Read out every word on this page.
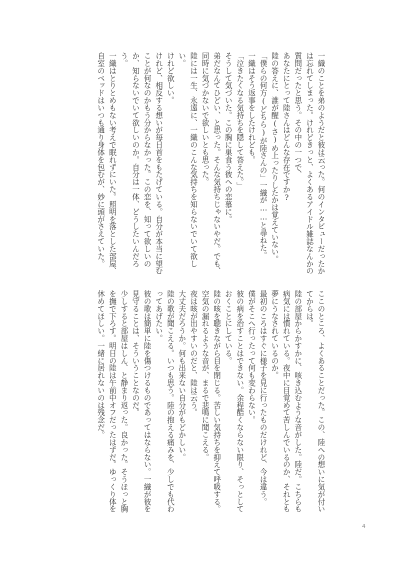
一織のことを弟のようだと彼は云った。何のインタビューだったかは忘れてしまった。けれどきっと、よくあるアイドル雑誌なんかの質問だったと思う。その中の一つで、

あなたにとって陸さんはどんな存在ですか?

陸の答えに、誰が醒(さ)め上ったりしたかは覚えていない。

「僕らの何方(どちら)が陸さんの」一織が……と尋ねた。

一織はそう返事をしたけれども。

「泣きたくなる気持ちを隠して答えた。」

そうして気づいた。この胸に巣食う彼への恋慕に。

弟だなんてひどい、と思った。そんな気持ちじゃないやだ。でも、同時に気づかないで欲しいとも思った。

陸には一生、永遠に、一織のこんな気持ちを知らないでいて欲しい。

けれど欲しい。

けれど、相反する想いが毎日首をもたげている。自分が本当に望むことが何なのかもう分からなかった。この恋を、知って欲しいのか、知らないでいて欲しいのか。自分は一体、どうしたいんだろう。

一織はとりとめもない考えで眠れずにいた。照明を落とした部屋、自室のベッドはいつも通り身体を包むが、妙に頭がさえていた。

ここのところ、よくあることだった。この、陸への想いに気が付いてからは。

陸の部屋からかすかに、咳き込むような音がした。陸だ。こちらも病気には慣れている。夜中に目覚めて苦しんでいるのか、それとも夢にうなされているのか。

最初のころはすぐに様子を見に行ったものだけれど、今は違う。

僕がそこへ行ったって何も変わらない。

彼の病を治すことはできない。余程酷くならない限り、そっとしておくことにしている。

陸の咳を聴きながら目を閉じる。苦しい気持ちを抑えて呼吸する。

空気の漏れるような音が、まるで悲鳴に聞こえる。

夜は咳が出やすいのだと、陸は云う。

大丈夫だろうか。何も出来ない自分がもどかしい。

陸の歌が聞こえる。いつも思う。陸の抱える痛みを、少しでも代わってあげたい。

彼の歌は簡単に陸を傷つけるものであってはならない。一織が彼を見守ることは、そういうことなのだ。

少しすると部屋はしん、と静まり返った。良かった。そうほっと胸を撫で下ろす。明日の陸は午前中オフだったはずだ。ゆっくり体を休めてほしい。一緒に居れないのは残念だ。

4
